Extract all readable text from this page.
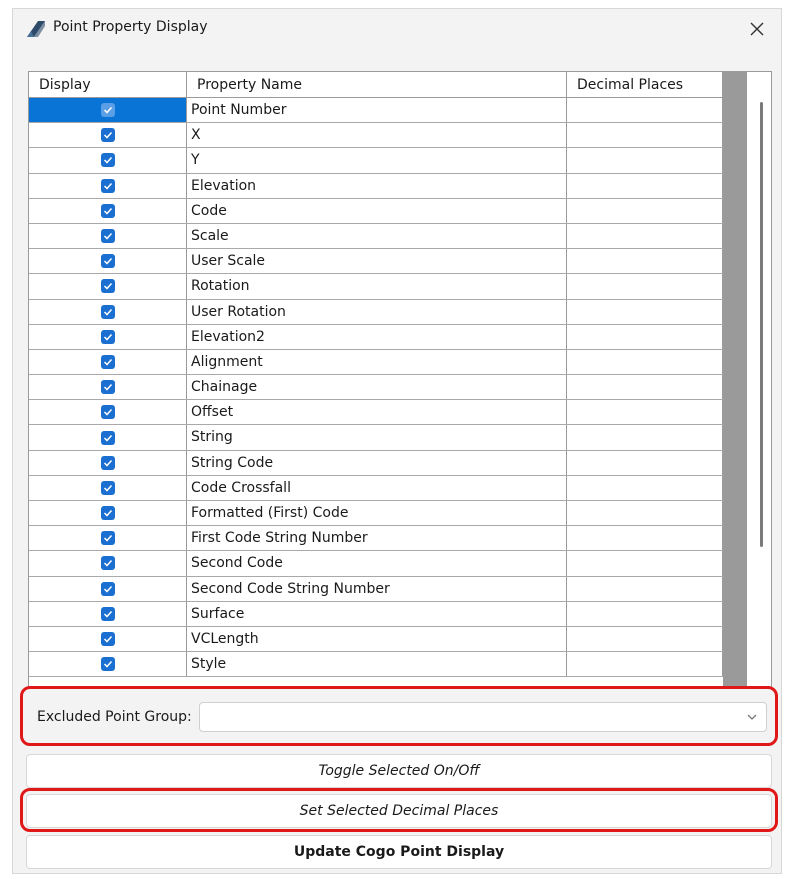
Point Property Display
Display	Property Name	Decimal Places
Point Number
X
Y
Elevation
Code
Scale
User Scale
Rotation
User Rotation
Elevation2
Alignment
Chainage
Offset
String
String Code
Code Crossfall
Formatted (First) Code
First Code String Number
Second Code
Second Code String Number
Surface
VCLength
Style
Excluded Point Group:
Toggle Selected On/Off
Set Selected Decimal Places
Update Cogo Point Display
